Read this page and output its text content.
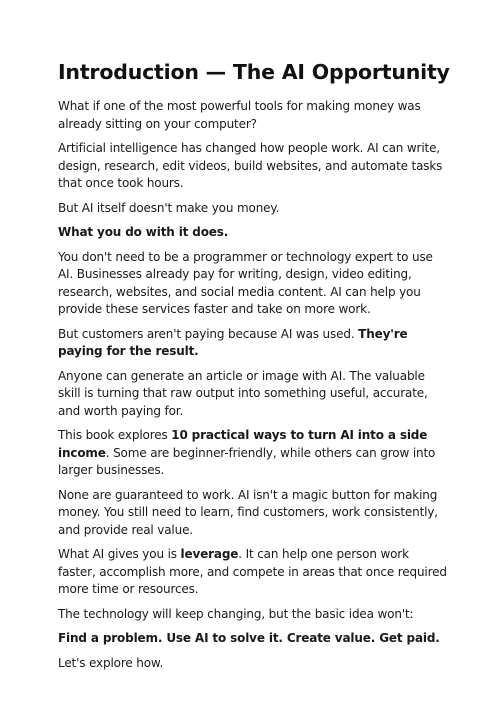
Introduction — The AI Opportunity

What if one of the most powerful tools for making money was already sitting on your computer?

Artificial intelligence has changed how people work. AI can write, design, research, edit videos, build websites, and automate tasks that once took hours.

But AI itself doesn't make you money.

What you do with it does.

You don't need to be a programmer or technology expert to use AI. Businesses already pay for writing, design, video editing, research, websites, and social media content. AI can help you provide these services faster and take on more work.

But customers aren't paying because AI was used. They're paying for the result.

Anyone can generate an article or image with AI. The valuable skill is turning that raw output into something useful, accurate, and worth paying for.

This book explores 10 practical ways to turn AI into a side income. Some are beginner-friendly, while others can grow into larger businesses.

None are guaranteed to work. AI isn't a magic button for making money. You still need to learn, find customers, work consistently, and provide real value.

What AI gives you is leverage. It can help one person work faster, accomplish more, and compete in areas that once required more time or resources.

The technology will keep changing, but the basic idea won't:

Find a problem. Use AI to solve it. Create value. Get paid.

Let's explore how.
